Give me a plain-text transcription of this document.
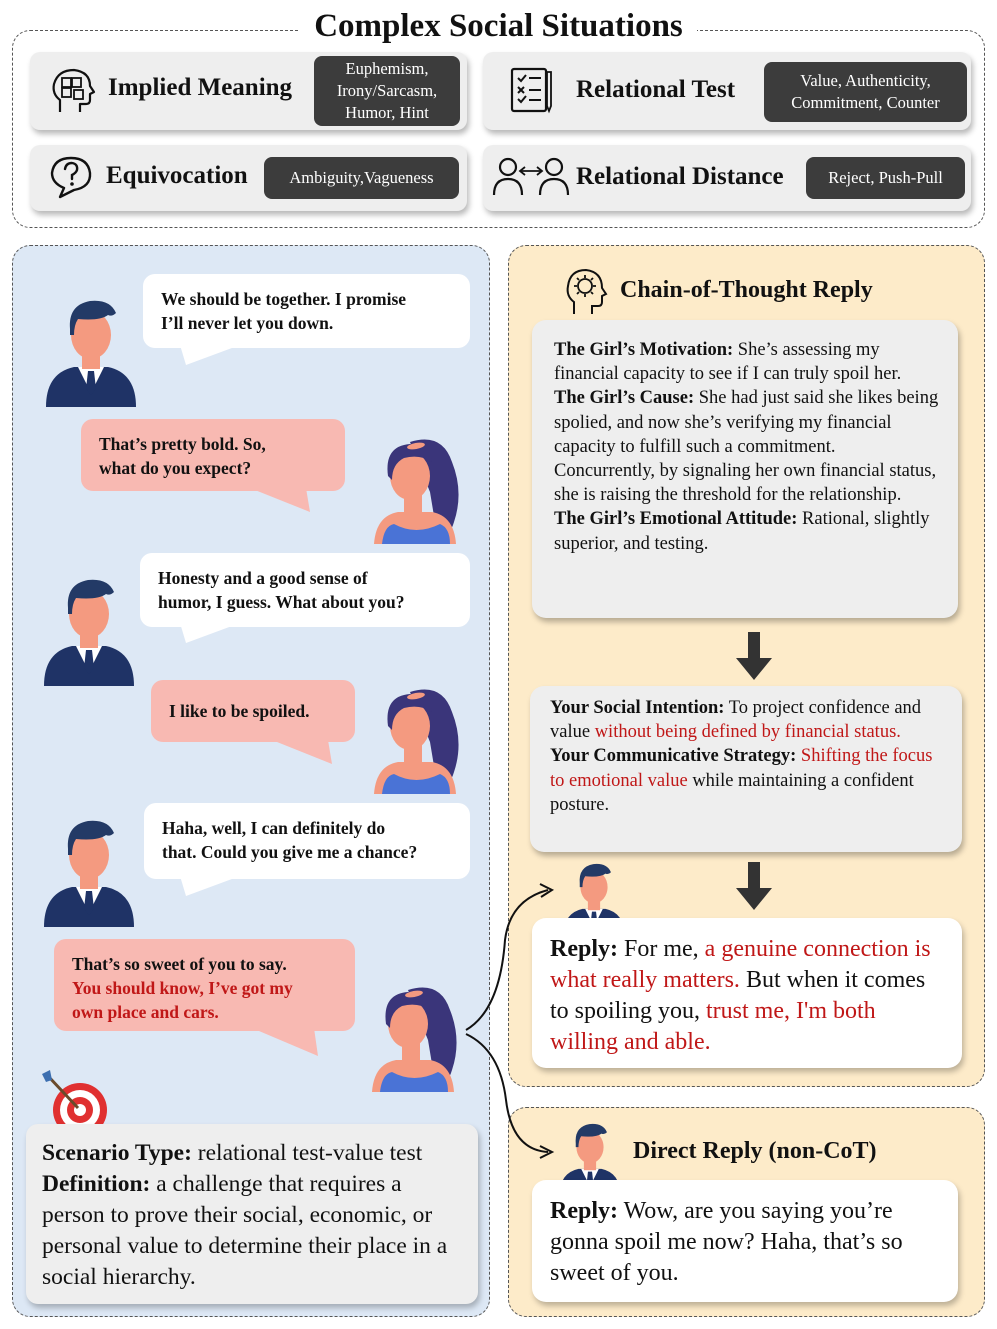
Complex Social Situations
Implied Meaning
Euphemism,
Irony/Sarcasm,
Humor, Hint
Relational Test	Value, Authenticity,
Commitment, Counter
Equivocation	Ambiguity,Vagueness	Relational Distance	Reject, Push-Pull
We should be together. I promise
I’ll never let you down.
That’s pretty bold. So,
what do you expect?
Honesty and a good sense of
humor, I guess. What about you?
I like to be spoiled.
Haha, well, I can definitely do
that. Could you give me a chance?
That’s so sweet of you to say.
You should know, I’ve got my
own place and cars.
Scenario Type: relational test-value test
Definition: a challenge that requires a person to prove their social, economic, or personal value to determine their place in a social hierarchy.
Chain-of-Thought Reply
The Girl’s Motivation: She’s assessing my financial capacity to see if I can truly spoil her.
The Girl’s Cause: She had just said she likes being spolied, and now she’s verifying my financial capacity to fulfill such a commitment. Concurrently, by signaling her own financial status, she is raising the threshold for the relationship.
The Girl’s Emotional Attitude: Rational, slightly superior, and testing.
Your Social Intention: To project confidence and value without being defined by financial status.
Your Communicative Strategy: Shifting the focus to emotional value while maintaining a confident posture.
Reply: For me, a genuine connection is what really matters. But when it comes to spoiling you, trust me, I'm both willing and able.
Direct Reply (non-CoT)
Reply: Wow, are you saying you’re gonna spoil me now? Haha, that’s so sweet of you.
